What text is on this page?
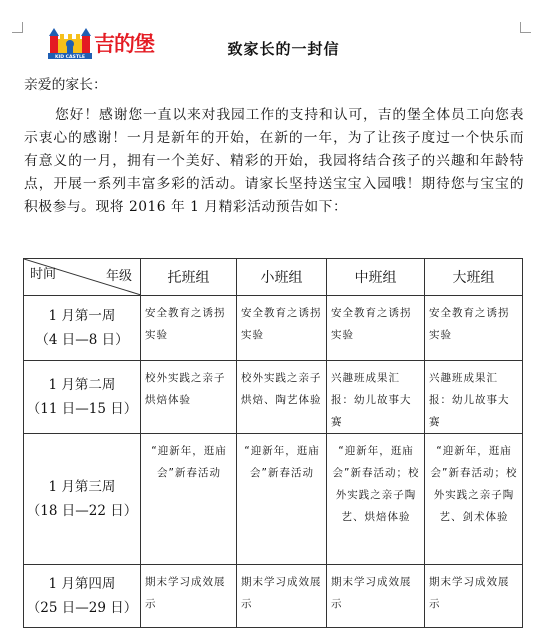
KID CASTLE
吉的堡	致家长的一封信
亲爱的家长：
您好！感谢您一直以来对我园工作的支持和认可，吉的堡全体员工向您表示衷心的感谢！一月是新年的开始，在新的一年，为了让孩子度过一个快乐而有意义的一月，拥有一个美好、精彩的开始，我园将结合孩子的兴趣和年龄特点，开展一系列丰富多彩的活动。请家长坚持送宝宝入园哦！期待您与宝宝的积极参与。现将 2016 年 1 月精彩活动预告如下：
时间 年级	托班组	小班组	中班组	大班组

1 月第一周
（4 日—8 日）	安全教育之诱拐实验	安全教育之诱拐实验	安全教育之诱拐实验	安全教育之诱拐实验

1 月第二周
（11 日—15 日）	校外实践之亲子烘焙体验	校外实践之亲子烘焙、陶艺体验	兴趣班成果汇报：幼儿故事大赛	兴趣班成果汇报：幼儿故事大赛

1 月第三周
（18 日—22 日）	“迎新年，逛庙会”新春活动	“迎新年，逛庙会”新春活动	“迎新年，逛庙会”新春活动；校外实践之亲子陶艺、烘焙体验	“迎新年，逛庙会”新春活动；校外实践之亲子陶艺、剑术体验

1 月第四周
（25 日—29 日）	期末学习成效展示	期末学习成效展示	期末学习成效展示	期末学习成效展示
